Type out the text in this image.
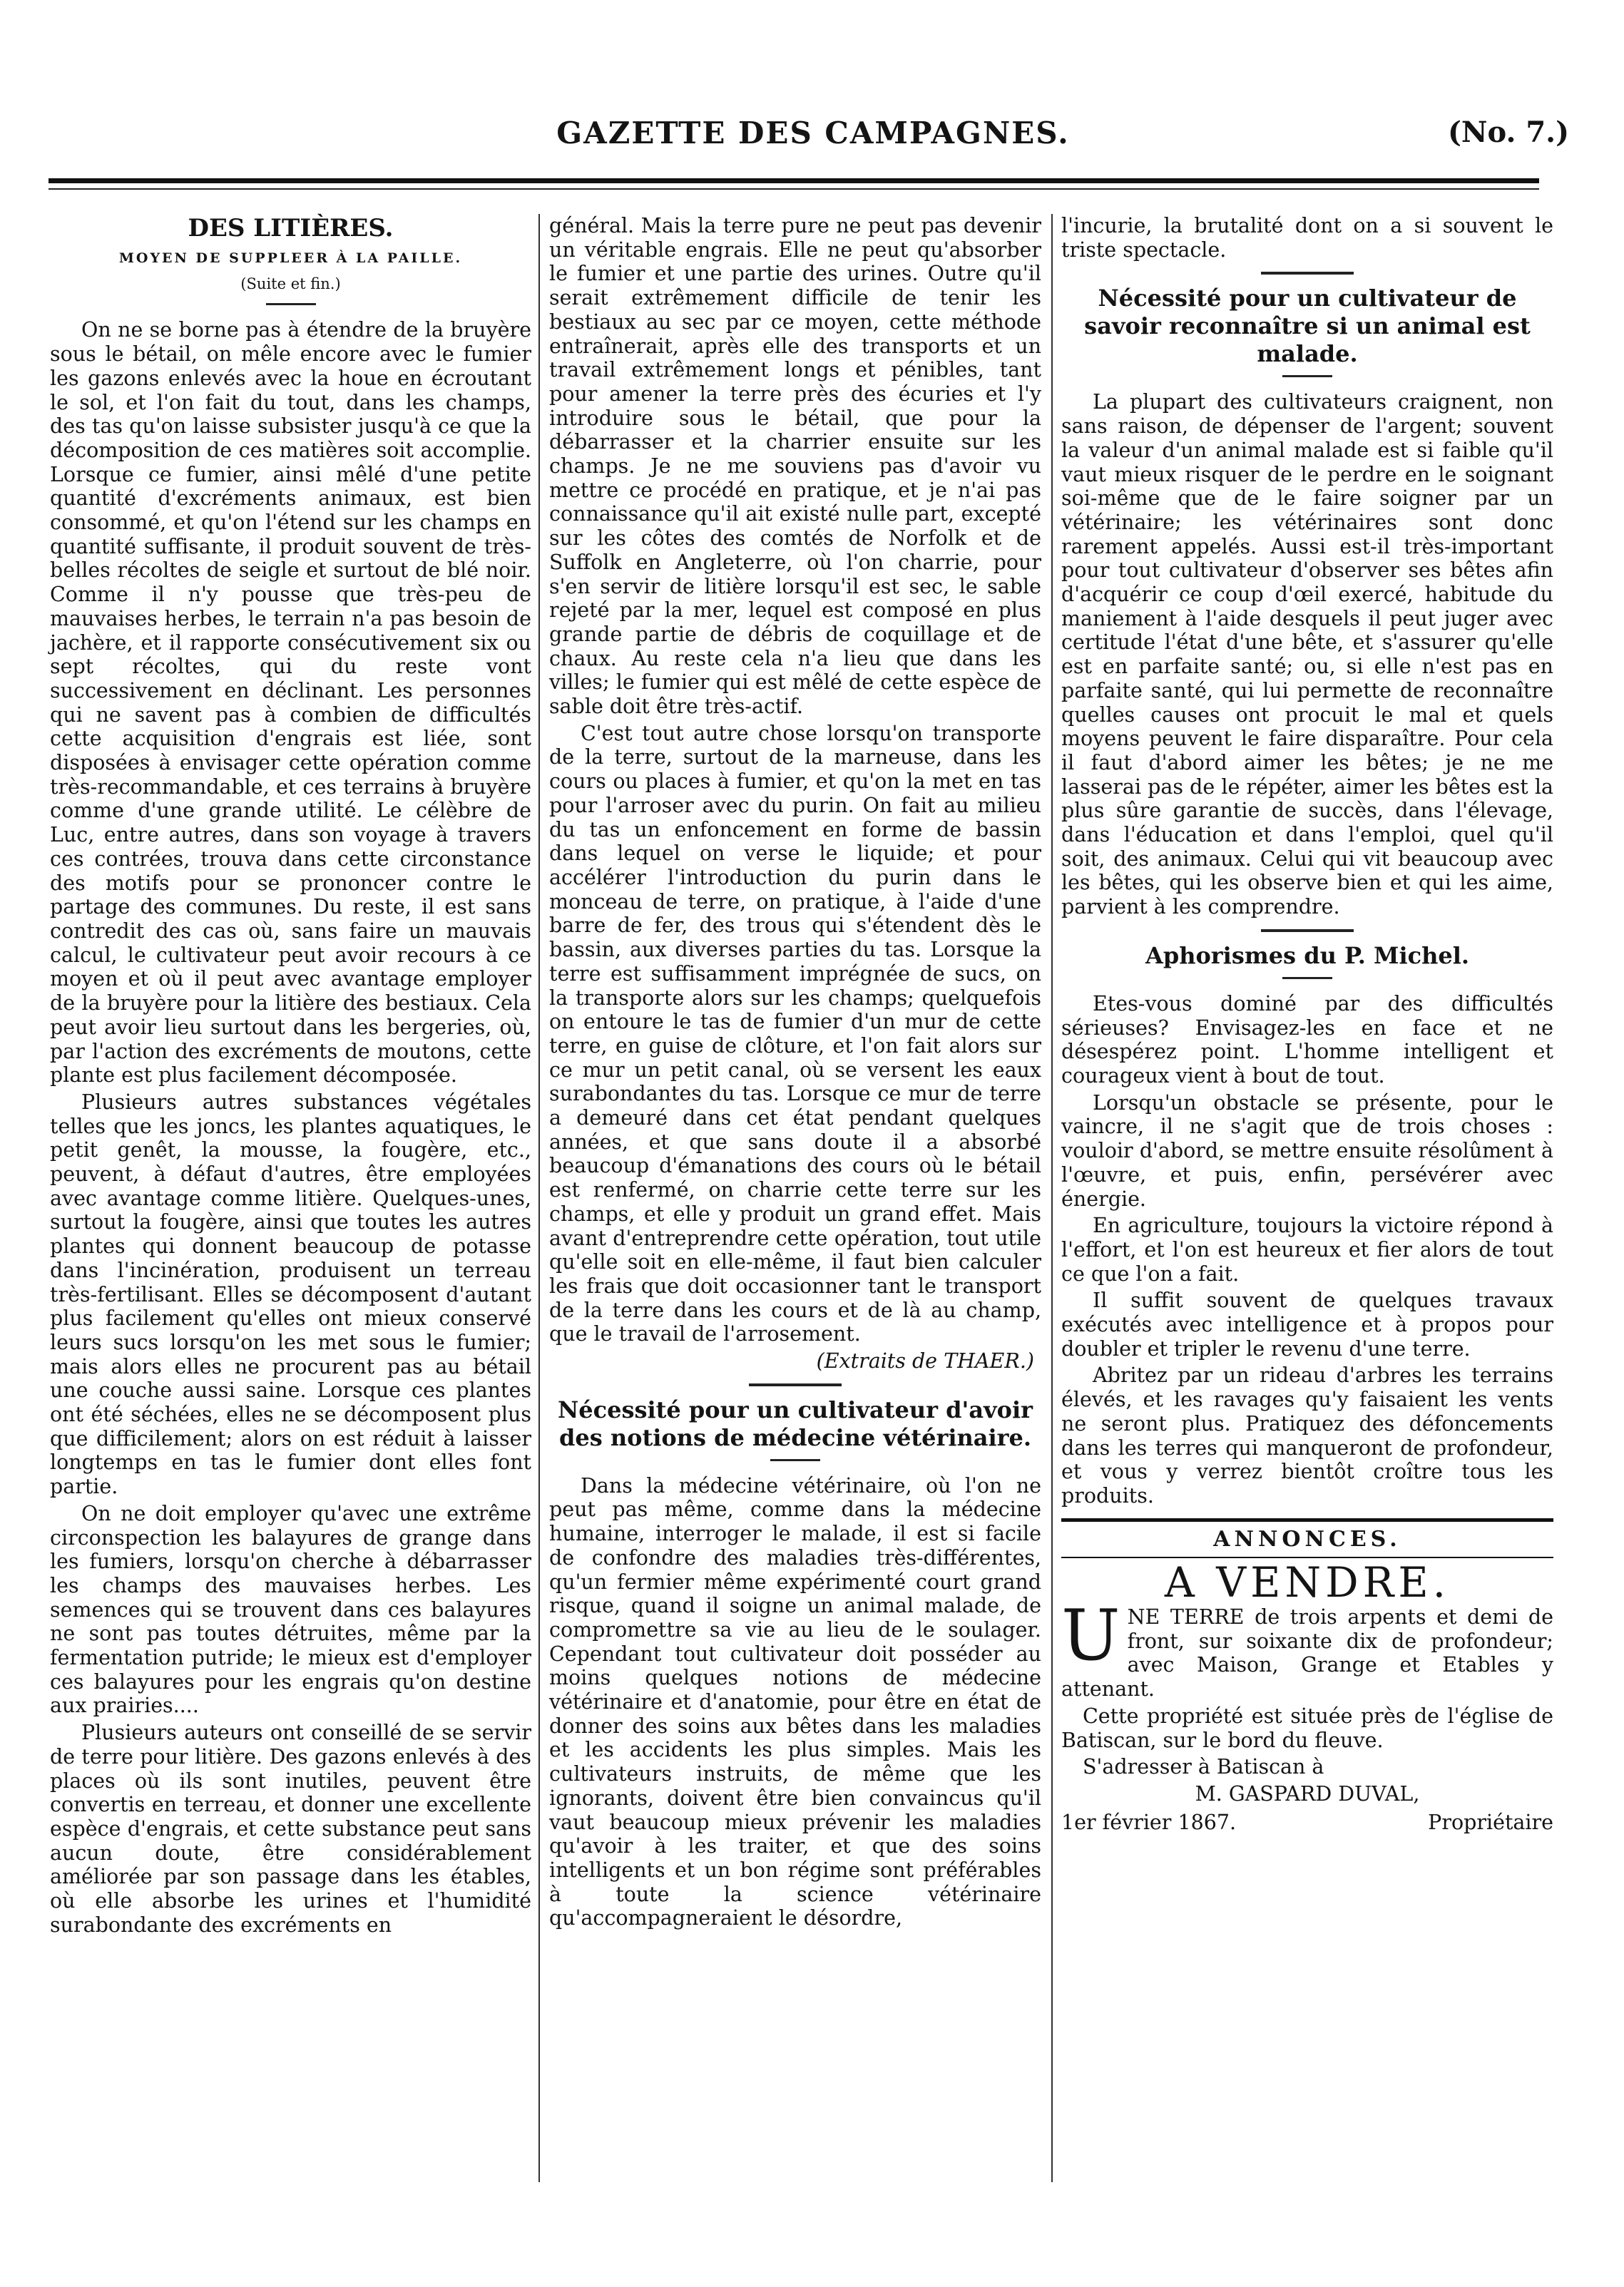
GAZETTE DES CAMPAGNES.	(No. 7.)
DES LITIÈRES.
MOYEN DE SUPPLEER À LA PAILLE.
(Suite et fin.)

On ne se borne pas à étendre de la bruyère sous le bétail, on mêle encore avec le fumier les gazons enlevés avec la houe en écroutant le sol, et l'on fait du tout, dans les champs, des tas qu'on laisse subsister jusqu'à ce que la décomposition de ces matières soit accomplie. Lorsque ce fumier, ainsi mêlé d'une petite quantité d'excréments animaux, est bien consommé, et qu'on l'étend sur les champs en quantité suffisante, il produit souvent de très-belles récoltes de seigle et surtout de blé noir. Comme il n'y pousse que très-peu de mauvaises herbes, le terrain n'a pas besoin de jachère, et il rapporte consécutivement six ou sept récoltes, qui du reste vont successivement en déclinant. Les personnes qui ne savent pas à combien de difficultés cette acquisition d'engrais est liée, sont disposées à envisager cette opération comme très-recommandable, et ces terrains à bruyère comme d'une grande utilité. Le célèbre de Luc, entre autres, dans son voyage à travers ces contrées, trouva dans cette circonstance des motifs pour se prononcer contre le partage des communes. Du reste, il est sans contredit des cas où, sans faire un mauvais calcul, le cultivateur peut avoir recours à ce moyen et où il peut avec avantage employer de la bruyère pour la litière des bestiaux. Cela peut avoir lieu surtout dans les bergeries, où, par l'action des excréments de moutons, cette plante est plus facilement décomposée.

Plusieurs autres substances végétales telles que les joncs, les plantes aquatiques, le petit genêt, la mousse, la fougère, etc., peuvent, à défaut d'autres, être employées avec avantage comme litière. Quelques-unes, surtout la fougère, ainsi que toutes les autres plantes qui donnent beaucoup de potasse dans l'incinération, produisent un terreau très-fertilisant. Elles se décomposent d'autant plus facilement qu'elles ont mieux conservé leurs sucs lorsqu'on les met sous le fumier; mais alors elles ne procurent pas au bétail une couche aussi saine. Lorsque ces plantes ont été séchées, elles ne se décomposent plus que difficilement; alors on est réduit à laisser longtemps en tas le fumier dont elles font partie.

On ne doit employer qu'avec une extrême circonspection les balayures de grange dans les fumiers, lorsqu'on cherche à débarrasser les champs des mauvaises herbes. Les semences qui se trouvent dans ces balayures ne sont pas toutes détruites, même par la fermentation putride; le mieux est d'employer ces balayures pour les engrais qu'on destine aux prairies....

Plusieurs auteurs ont conseillé de se servir de terre pour litière. Des gazons enlevés à des places où ils sont inutiles, peuvent être convertis en terreau, et donner une excellente espèce d'engrais, et cette substance peut sans aucun doute, être considérablement améliorée par son passage dans les étables, où elle absorbe les urines et l'humidité surabondante des excréments en

général. Mais la terre pure ne peut pas devenir un véritable engrais. Elle ne peut qu'absorber le fumier et une partie des urines. Outre qu'il serait extrêmement difficile de tenir les bestiaux au sec par ce moyen, cette méthode entraînerait, après elle des transports et un travail extrêmement longs et pénibles, tant pour amener la terre près des écuries et l'y introduire sous le bétail, que pour la débarrasser et la charrier ensuite sur les champs. Je ne me souviens pas d'avoir vu mettre ce procédé en pratique, et je n'ai pas connaissance qu'il ait existé nulle part, excepté sur les côtes des comtés de Norfolk et de Suffolk en Angleterre, où l'on charrie, pour s'en servir de litière lorsqu'il est sec, le sable rejeté par la mer, lequel est composé en plus grande partie de débris de coquillage et de chaux. Au reste cela n'a lieu que dans les villes; le fumier qui est mêlé de cette espèce de sable doit être très-actif.

C'est tout autre chose lorsqu'on transporte de la terre, surtout de la marneuse, dans les cours ou places à fumier, et qu'on la met en tas pour l'arroser avec du purin. On fait au milieu du tas un enfoncement en forme de bassin dans lequel on verse le liquide; et pour accélérer l'introduction du purin dans le monceau de terre, on pratique, à l'aide d'une barre de fer, des trous qui s'étendent dès le bassin, aux diverses parties du tas. Lorsque la terre est suffisamment imprégnée de sucs, on la transporte alors sur les champs; quelquefois on entoure le tas de fumier d'un mur de cette terre, en guise de clôture, et l'on fait alors sur ce mur un petit canal, où se versent les eaux surabondantes du tas. Lorsque ce mur de terre a demeuré dans cet état pendant quelques années, et que sans doute il a absorbé beaucoup d'émanations des cours où le bétail est renfermé, on charrie cette terre sur les champs, et elle y produit un grand effet. Mais avant d'entreprendre cette opération, tout utile qu'elle soit en elle-même, il faut bien calculer les frais que doit occasionner tant le transport de la terre dans les cours et de là au champ, que le travail de l'arrosement.

(Extraits de THAER.)
Nécessité pour un cultivateur d'avoir des notions de médecine vétérinaire.

Dans la médecine vétérinaire, où l'on ne peut pas même, comme dans la médecine humaine, interroger le malade, il est si facile de confondre des maladies très-différentes, qu'un fermier même expérimenté court grand risque, quand il soigne un animal malade, de compromettre sa vie au lieu de le soulager. Cependant tout cultivateur doit posséder au moins quelques notions de médecine vétérinaire et d'anatomie, pour être en état de donner des soins aux bêtes dans les maladies et les accidents les plus simples. Mais les cultivateurs instruits, de même que les ignorants, doivent être bien convaincus qu'il vaut beaucoup mieux prévenir les maladies qu'avoir à les traiter, et que des soins intelligents et un bon régime sont préférables à toute la science vétérinaire qu'accompagneraient le désordre,

l'incurie, la brutalité dont on a si souvent le triste spectacle.

Nécessité pour un cultivateur de savoir reconnaître si un animal est malade.

La plupart des cultivateurs craignent, non sans raison, de dépenser de l'argent; souvent la valeur d'un animal malade est si faible qu'il vaut mieux risquer de le perdre en le soignant soi-même que de le faire soigner par un vétérinaire; les vétérinaires sont donc rarement appelés. Aussi est-il très-important pour tout cultivateur d'observer ses bêtes afin d'acquérir ce coup d'œil exercé, habitude du maniement à l'aide desquels il peut juger avec certitude l'état d'une bête, et s'assurer qu'elle est en parfaite santé; ou, si elle n'est pas en parfaite santé, qui lui permette de reconnaître quelles causes ont procuit le mal et quels moyens peuvent le faire disparaître. Pour cela il faut d'abord aimer les bêtes; je ne me lasserai pas de le répéter, aimer les bêtes est la plus sûre garantie de succès, dans l'élevage, dans l'éducation et dans l'emploi, quel qu'il soit, des animaux. Celui qui vit beaucoup avec les bêtes, qui les observe bien et qui les aime, parvient à les comprendre.

Aphorismes du P. Michel.

Etes-vous dominé par des difficultés sérieuses? Envisagez-les en face et ne désespérez point. L'homme intelligent et courageux vient à bout de tout.

Lorsqu'un obstacle se présente, pour le vaincre, il ne s'agit que de trois choses : vouloir d'abord, se mettre ensuite résolûment à l'œuvre, et puis, enfin, persévérer avec énergie.

En agriculture, toujours la victoire répond à l'effort, et l'on est heureux et fier alors de tout ce que l'on a fait.

Il suffit souvent de quelques travaux exécutés avec intelligence et à propos pour doubler et tripler le revenu d'une terre.

Abritez par un rideau d'arbres les terrains élevés, et les ravages qu'y faisaient les vents ne seront plus. Pratiquez des défoncements dans les terres qui manqueront de profondeur, et vous y verrez bientôt croître tous les produits.

ANNONCES.
A VENDRE.

UNE TERRE de trois arpents et demi de front, sur soixante dix de profondeur; avec Maison, Grange et Etables y attenant.

Cette propriété est située près de l'église de Batiscan, sur le bord du fleuve.

S'adresser à Batiscan à

M. GASPARD DUVAL,
1er février 1867.	Propriétaire
